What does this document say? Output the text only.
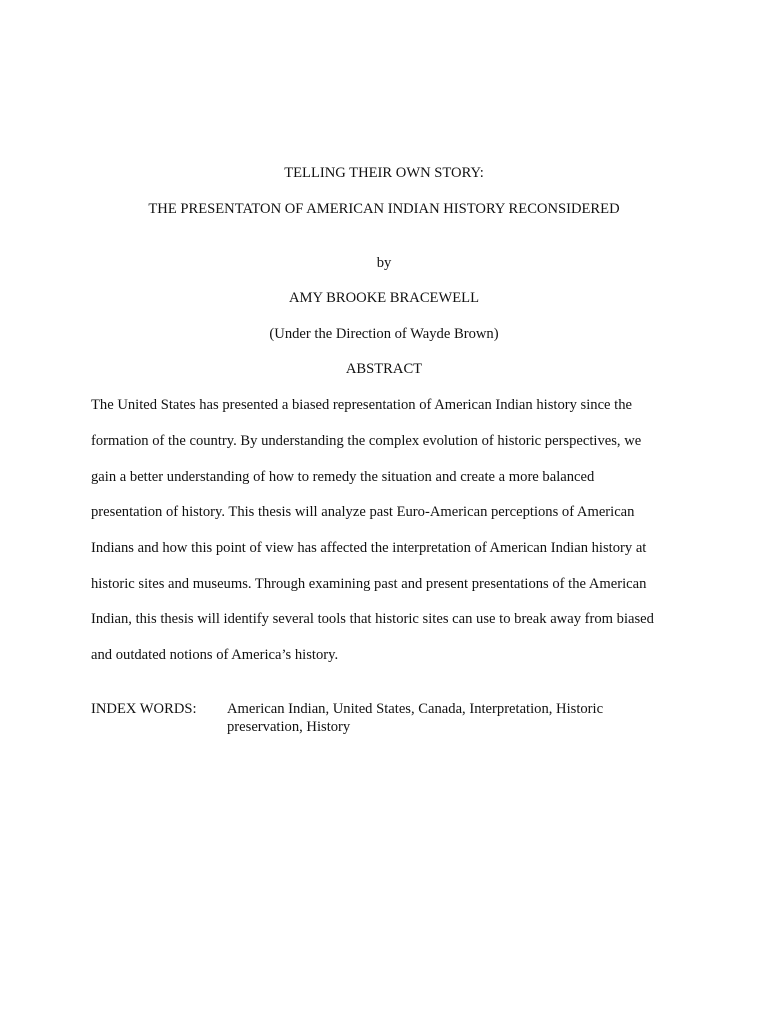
TELLING THEIR OWN STORY:
THE PRESENTATON OF AMERICAN INDIAN HISTORY RECONSIDERED
by
AMY BROOKE BRACEWELL
(Under the Direction of Wayde Brown)
ABSTRACT
The United States has presented a biased representation of American Indian history since the
formation of the country. By understanding the complex evolution of historic perspectives, we
gain a better understanding of how to remedy the situation and create a more balanced
presentation of history. This thesis will analyze past Euro-American perceptions of American
Indians and how this point of view has affected the interpretation of American Indian history at
historic sites and museums. Through examining past and present presentations of the American
Indian, this thesis will identify several tools that historic sites can use to break away from biased
and outdated notions of America’s history.
INDEX WORDS: American Indian, United States, Canada, Interpretation, Historic
preservation, History
